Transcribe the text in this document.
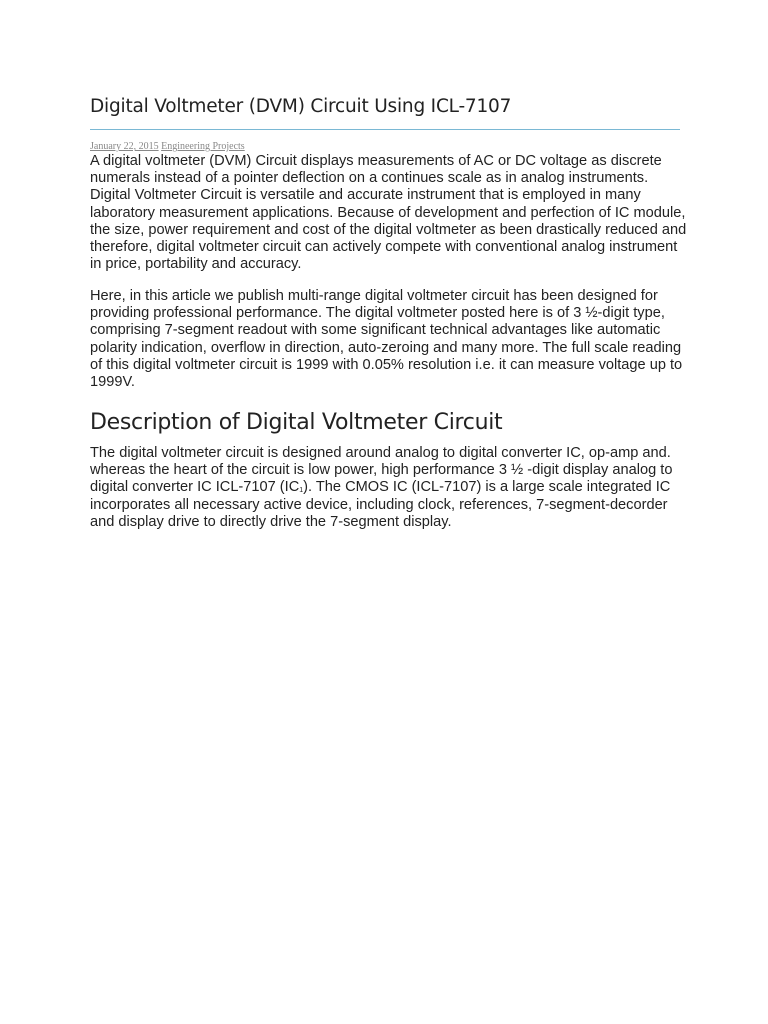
Digital Voltmeter (DVM) Circuit Using ICL-7107
January 22, 2015 Engineering Projects

A digital voltmeter (DVM) Circuit displays measurements of AC or DC voltage as discrete numerals instead of a pointer deflection on a continues scale as in analog instruments. Digital Voltmeter Circuit is versatile and accurate instrument that is employed in many laboratory measurement applications. Because of development and perfection of IC module, the size, power requirement and cost of the digital voltmeter as been drastically reduced and therefore, digital voltmeter circuit can actively compete with conventional analog instrument in price, portability and accuracy.

Here, in this article we publish multi-range digital voltmeter circuit has been designed for providing professional performance. The digital voltmeter posted here is of 3 ½-digit type, comprising 7-segment readout with some significant technical advantages like automatic polarity indication, overflow in direction, auto-zeroing and many more. The full scale reading of this digital voltmeter circuit is 1999 with 0.05% resolution i.e. it can measure voltage up to 1999V.

Description of Digital Voltmeter Circuit

The digital voltmeter circuit is designed around analog to digital converter IC, op-amp and. whereas the heart of the circuit is low power, high performance 3 ½ -digit display analog to digital converter IC ICL-7107 $(IC_1)$. The CMOS IC (ICL-7107) is a large scale integrated IC incorporates all necessary active device, including clock, references, 7-segment-decorder and display drive to directly drive the 7-segment display.
